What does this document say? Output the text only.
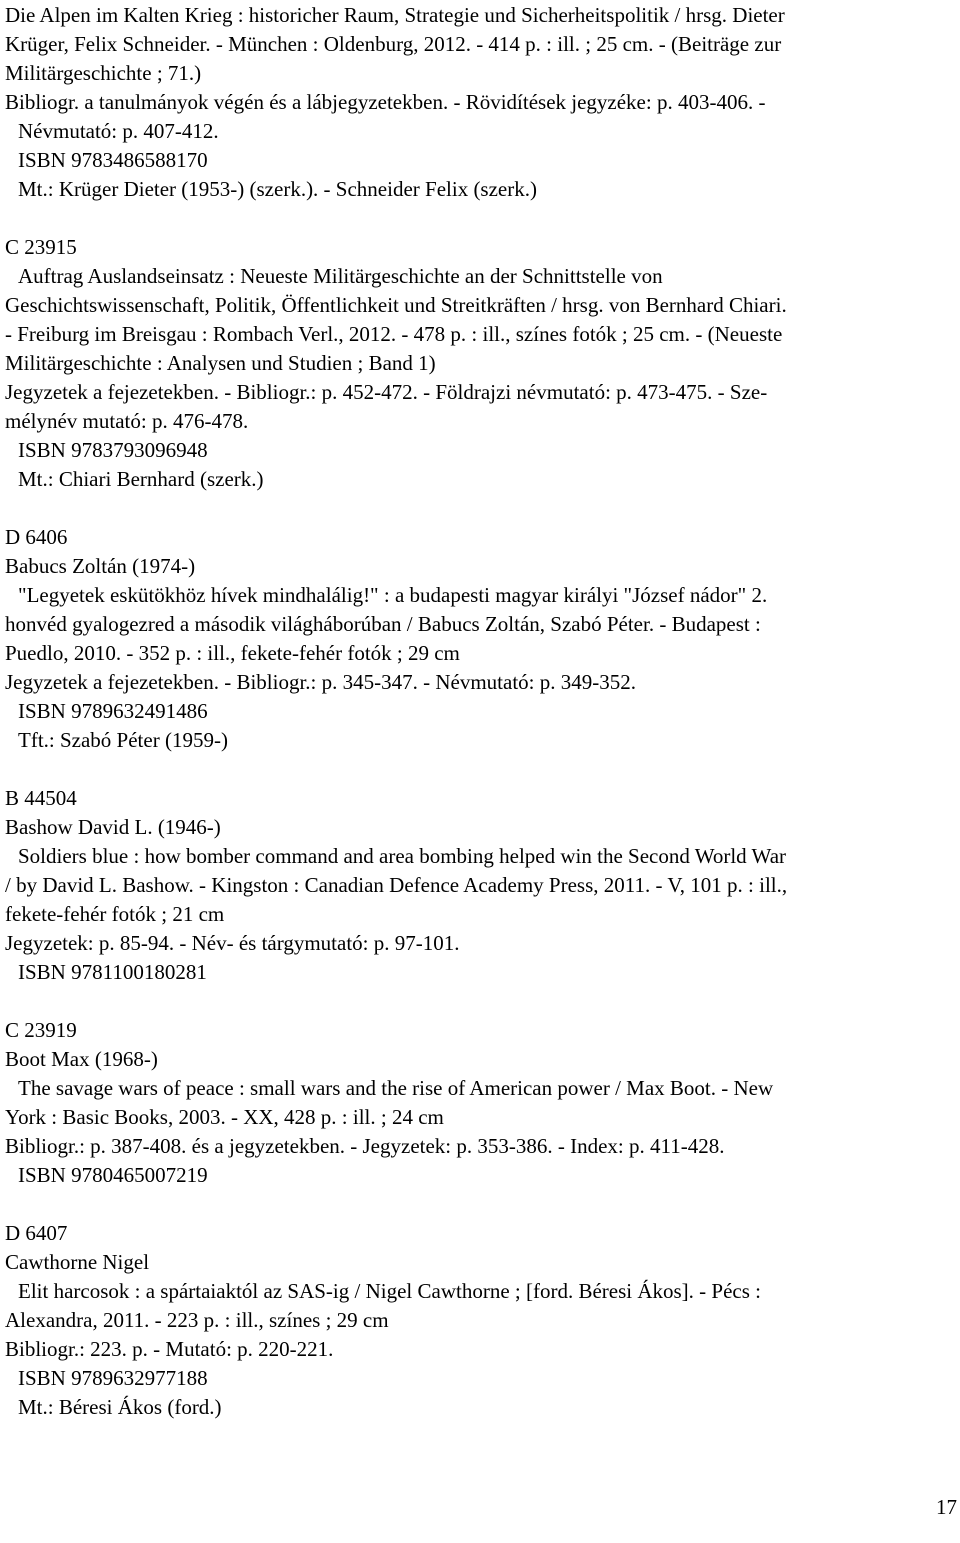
Die Alpen im Kalten Krieg : historicher Raum, Strategie und Sicherheitspolitik / hrsg. Dieter
Krüger, Felix Schneider. - München : Oldenburg, 2012. - 414 p. : ill. ; 25 cm. - (Beiträge zur
Militärgeschichte ; 71.)
Bibliogr. a tanulmányok végén és a lábjegyzetekben. - Rövidítések jegyzéke: p. 403-406. -
Névmutató: p. 407-412.
ISBN 9783486588170
Mt.: Krüger Dieter (1953-) (szerk.). - Schneider Felix (szerk.)
C 23915
Auftrag Auslandseinsatz : Neueste Militärgeschichte an der Schnittstelle von
Geschichtswissenschaft, Politik, Öffentlichkeit und Streitkräften / hrsg. von Bernhard Chiari.
- Freiburg im Breisgau : Rombach Verl., 2012. - 478 p. : ill., színes fotók ; 25 cm. - (Neueste
Militärgeschichte : Analysen und Studien ; Band 1)
Jegyzetek a fejezetekben. - Bibliogr.: p. 452-472. - Földrajzi névmutató: p. 473-475. - Sze-
mélynév mutató: p. 476-478.
ISBN 9783793096948
Mt.: Chiari Bernhard (szerk.)
D 6406
Babucs Zoltán (1974-)
"Legyetek eskütökhöz hívek mindhalálig!" : a budapesti magyar királyi "József nádor" 2.
honvéd gyalogezred a második világháborúban / Babucs Zoltán, Szabó Péter. - Budapest :
Puedlo, 2010. - 352 p. : ill., fekete-fehér fotók ; 29 cm
Jegyzetek a fejezetekben. - Bibliogr.: p. 345-347. - Névmutató: p. 349-352.
ISBN 9789632491486
Tft.: Szabó Péter (1959-)
B 44504
Bashow David L. (1946-)
Soldiers blue : how bomber command and area bombing helped win the Second World War
/ by David L. Bashow. - Kingston : Canadian Defence Academy Press, 2011. - V, 101 p. : ill.,
fekete-fehér fotók ; 21 cm
Jegyzetek: p. 85-94. - Név- és tárgymutató: p. 97-101.
ISBN 9781100180281
C 23919
Boot Max (1968-)
The savage wars of peace : small wars and the rise of American power / Max Boot. - New
York : Basic Books, 2003. - XX, 428 p. : ill. ; 24 cm
Bibliogr.: p. 387-408. és a jegyzetekben. - Jegyzetek: p. 353-386. - Index: p. 411-428.
ISBN 9780465007219
D 6407
Cawthorne Nigel
Elit harcosok : a spártaiaktól az SAS-ig / Nigel Cawthorne ; [ford. Béresi Ákos]. - Pécs :
Alexandra, 2011. - 223 p. : ill., színes ; 29 cm
Bibliogr.: 223. p. - Mutató: p. 220-221.
ISBN 9789632977188
Mt.: Béresi Ákos (ford.)
17
